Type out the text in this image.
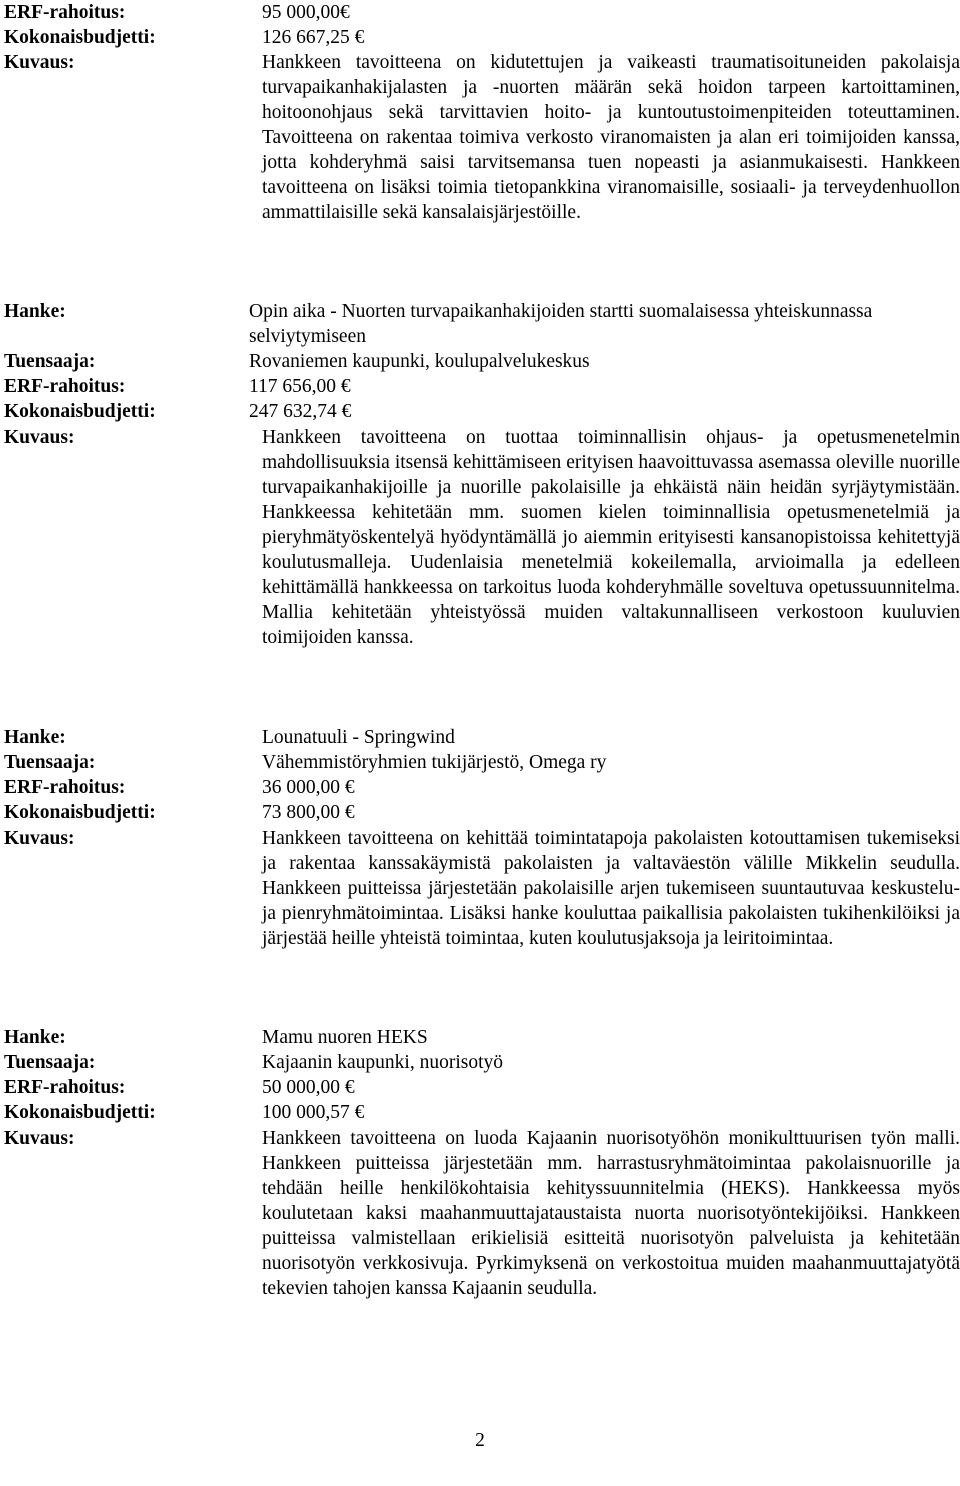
ERF-rahoitus:	95 000,00€
Kokonaisbudjetti:	126 667,25 €
Kuvaus:	Hankkeen tavoitteena on kidutettujen ja vaikeasti traumatisoituneiden pakolaisja turvapaikanhakijalasten ja -nuorten määrän sekä hoidon tarpeen kartoittaminen, hoitoonohjaus sekä tarvittavien hoito- ja kuntoutustoimenpiteiden toteuttaminen. Tavoitteena on rakentaa toimiva verkosto viranomaisten ja alan eri toimijoiden kanssa, jotta kohderyhmä saisi tarvitsemansa tuen nopeasti ja asianmukaisesti. Hankkeen tavoitteena on lisäksi toimia tietopankkina viranomaisille, sosiaali- ja terveydenhuollon ammattilaisille sekä kansalaisjärjestöille.
Hanke:	Opin aika - Nuorten turvapaikanhakijoiden startti suomalaisessa yhteiskunnassa selviytymiseen
Tuensaaja:	Rovaniemen kaupunki, koulupalvelukeskus
ERF-rahoitus:	117 656,00 €
Kokonaisbudjetti:	247 632,74 €
Kuvaus:	Hankkeen tavoitteena on tuottaa toiminnallisin ohjaus- ja opetusmenetelmin mahdollisuuksia itsensä kehittämiseen erityisen haavoittuvassa asemassa oleville nuorille turvapaikanhakijoille ja nuorille pakolaisille ja ehkäistä näin heidän syrjäytymistään. Hankkeessa kehitetään mm. suomen kielen toiminnallisia opetusmenetelmiä ja pieryhmätyöskentelyä hyödyntämällä jo aiemmin erityisesti kansanopistoissa kehitettyjä koulutusmalleja. Uudenlaisia menetelmiä kokeilemalla, arvioimalla ja edelleen kehittämällä hankkeessa on tarkoitus luoda kohderyhmälle soveltuva opetussuunnitelma. Mallia kehitetään yhteistyössä muiden valtakunnalliseen verkostoon kuuluvien toimijoiden kanssa.
Hanke:	Lounatuuli - Springwind
Tuensaaja:	Vähemmistöryhmien tukijärjestö, Omega ry
ERF-rahoitus:	36 000,00 €
Kokonaisbudjetti:	73 800,00 €
Kuvaus:	Hankkeen tavoitteena on kehittää toimintatapoja pakolaisten kotouttamisen tukemiseksi ja rakentaa kanssakäymistä pakolaisten ja valtaväestön välille Mikkelin seudulla. Hankkeen puitteissa järjestetään pakolaisille arjen tukemiseen suuntautuvaa keskustelu- ja pienryhmätoimintaa. Lisäksi hanke kouluttaa paikallisia pakolaisten tukihenkilöiksi ja järjestää heille yhteistä toimintaa, kuten koulutusjaksoja ja leiritoimintaa.
Hanke:	Mamu nuoren HEKS
Tuensaaja:	Kajaanin kaupunki, nuorisotyö
ERF-rahoitus:	50 000,00 €
Kokonaisbudjetti:	100 000,57 €
Kuvaus:	Hankkeen tavoitteena on luoda Kajaanin nuorisotyöhön monikulttuurisen työn malli. Hankkeen puitteissa järjestetään mm. harrastusryhmätoimintaa pakolaisnuorille ja tehdään heille henkilökohtaisia kehityssuunnitelmia (HEKS). Hankkeessa myös koulutetaan kaksi maahanmuuttajataustaista nuorta nuorisotyöntekijöiksi. Hankkeen puitteissa valmistellaan erikielisiä esitteitä nuorisotyön palveluista ja kehitetään nuorisotyön verkkosivuja. Pyrkimyksenä on verkostoitua muiden maahanmuuttajatyötä tekevien tahojen kanssa Kajaanin seudulla.
2
